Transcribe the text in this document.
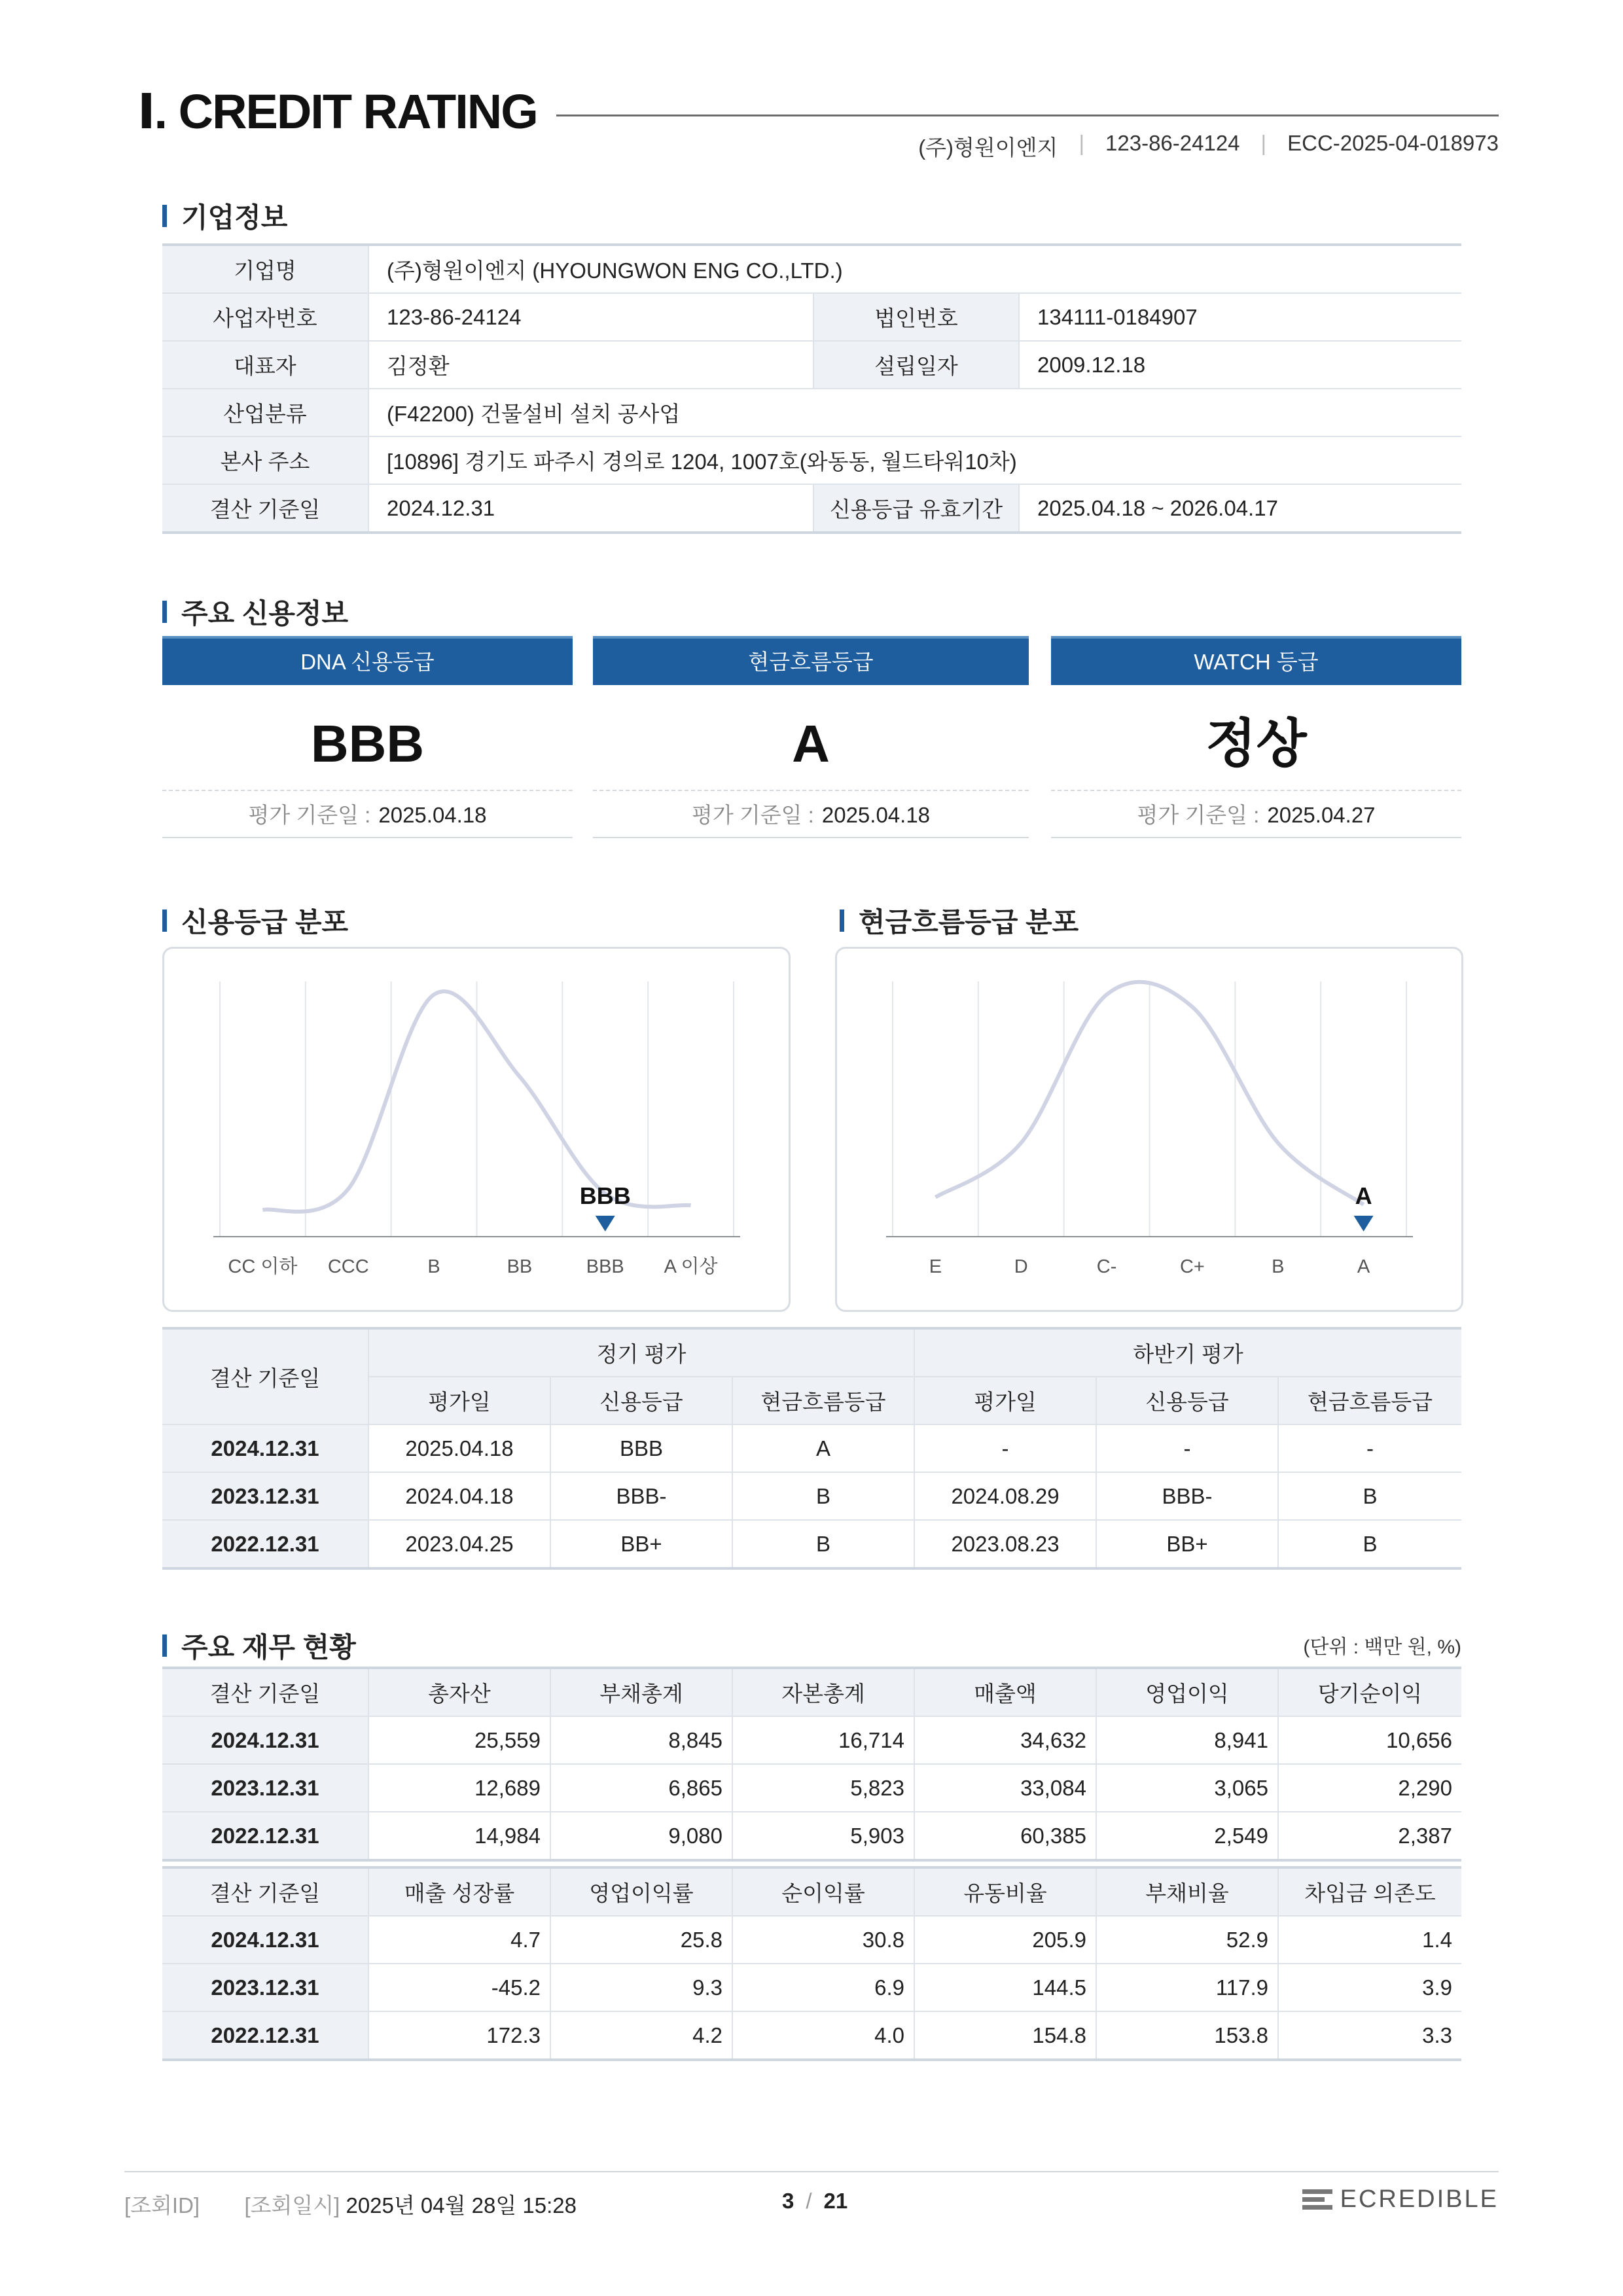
Ⅰ. CREDIT RATING
(주)형원이엔지 | 123-86-24124 | ECC-2025-04-018973
기업정보
기업명	(주)형원이엔지 (HYOUNGWON ENG CO.,LTD.)		
사업자번호	123-86-24124	법인번호	134111-0184907
대표자	김정환	설립일자	2009.12.18
산업분류	(F42200) 건물설비 설치 공사업		
본사 주소	[10896] 경기도 파주시 경의로 1204, 1007호(와동동, 월드타워10차)		
결산 기준일	2024.12.31	신용등급 유효기간	2025.04.18 ~ 2026.04.17
주요 신용정보
DNA 신용등급
BBB
평가 기준일 : 2025.04.18
현금흐름등급
A
평가 기준일 : 2025.04.18
WATCH 등급
정상
평가 기준일 : 2025.04.27
신용등급 분포	현금흐름등급 분포
CC 이하 CCC	B	BB	BBB A 이상
BBB
E	D	C-	C+	B	A
A
결산 기준일	정기 평가			하반기 평가		
	평가일	신용등급	현금흐름등급	평가일	신용등급	현금흐름등급
2024.12.31	2025.04.18	BBB	A	-	-	-
2023.12.31	2024.04.18	BBB-	B	2024.08.29	BBB-	B
2022.12.31	2023.04.25	BB+	B	2023.08.23	BB+	B
주요 재무 현황	(단위 : 백만 원, %)
결산 기준일	총자산	부채총계	자본총계	매출액	영업이익	당기순이익
2024.12.31	25,559	8,845	16,714	34,632	8,941	10,656
2023.12.31	12,689	6,865	5,823	33,084	3,065	2,290
2022.12.31	14,984	9,080	5,903	60,385	2,549	2,387
결산 기준일	매출 성장률	영업이익률	순이익률	유동비율	부채비율	차입금 의존도
2024.12.31	4.7	25.8	30.8	205.9	52.9	1.4
2023.12.31	-45.2	9.3	6.9	144.5	117.9	3.9
2022.12.31	172.3	4.2	4.0	154.8	153.8	3.3
[조회ID] [조회일시] 2025년 04월 28일 15:28	3 / 21	ECREDIBLE
